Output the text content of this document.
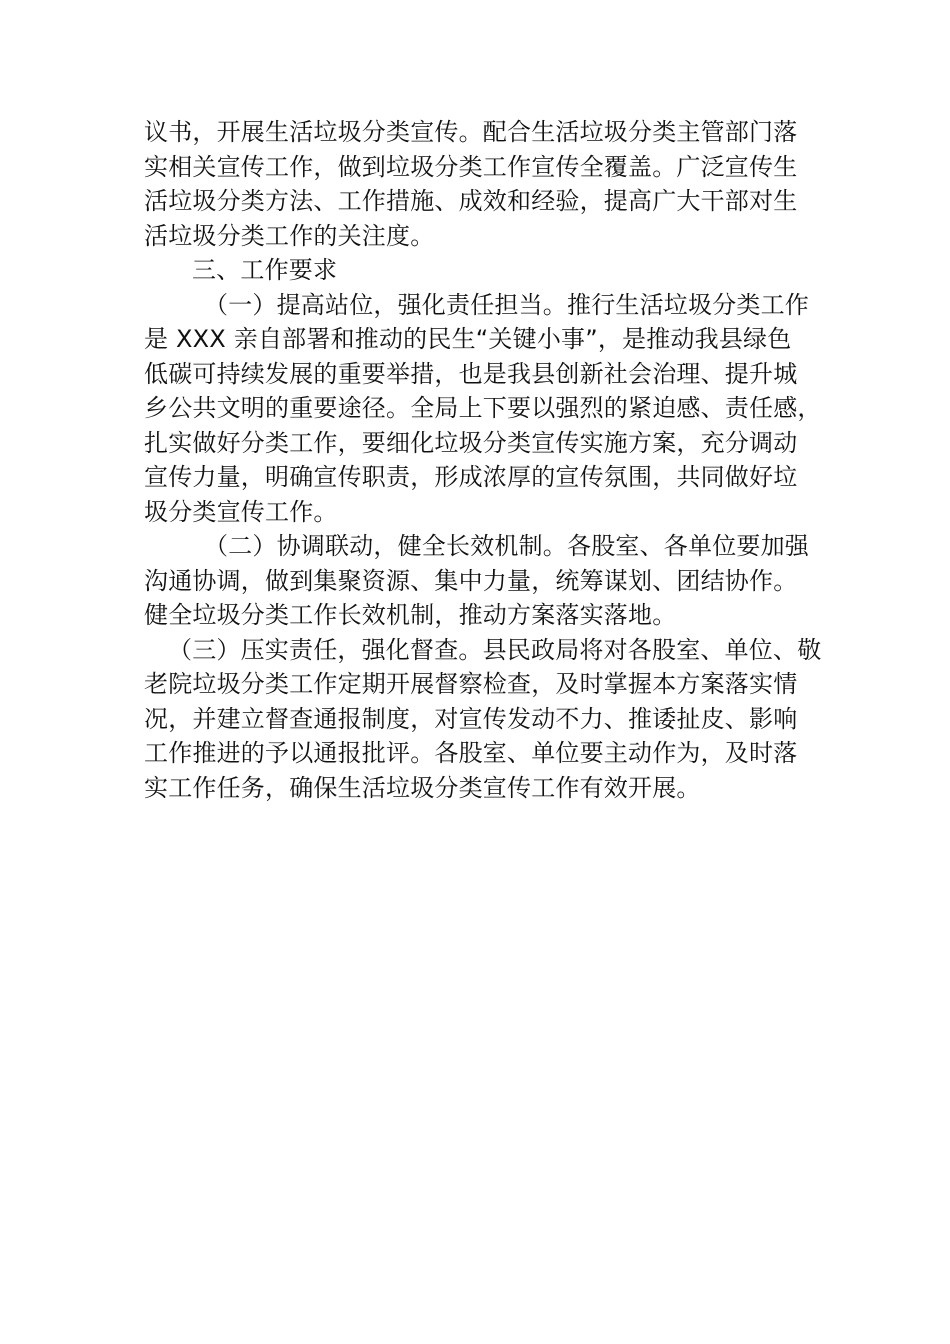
议书，开展生活垃圾分类宣传。配合生活垃圾分类主管部门落
实相关宣传工作，做到垃圾分类工作宣传全覆盖。广泛宣传生
活垃圾分类方法、工作措施、成效和经验，提高广大干部对生
活垃圾分类工作的关注度。
三、工作要求
（一）提高站位，强化责任担当。推行生活垃圾分类工作
是 XXX 亲自部署和推动的民生“关键小事”，是推动我县绿色
低碳可持续发展的重要举措，也是我县创新社会治理、提升城
乡公共文明的重要途径。全局上下要以强烈的紧迫感、责任感，
扎实做好分类工作，要细化垃圾分类宣传实施方案，充分调动
宣传力量，明确宣传职责，形成浓厚的宣传氛围，共同做好垃
圾分类宣传工作。
（二）协调联动，健全长效机制。各股室、各单位要加强
沟通协调，做到集聚资源、集中力量，统筹谋划、团结协作。
健全垃圾分类工作长效机制，推动方案落实落地。
（三）压实责任，强化督查。县民政局将对各股室、单位、敬
老院垃圾分类工作定期开展督察检查，及时掌握本方案落实情
况，并建立督查通报制度，对宣传发动不力、推诿扯皮、影响
工作推进的予以通报批评。各股室、单位要主动作为，及时落
实工作任务，确保生活垃圾分类宣传工作有效开展。
